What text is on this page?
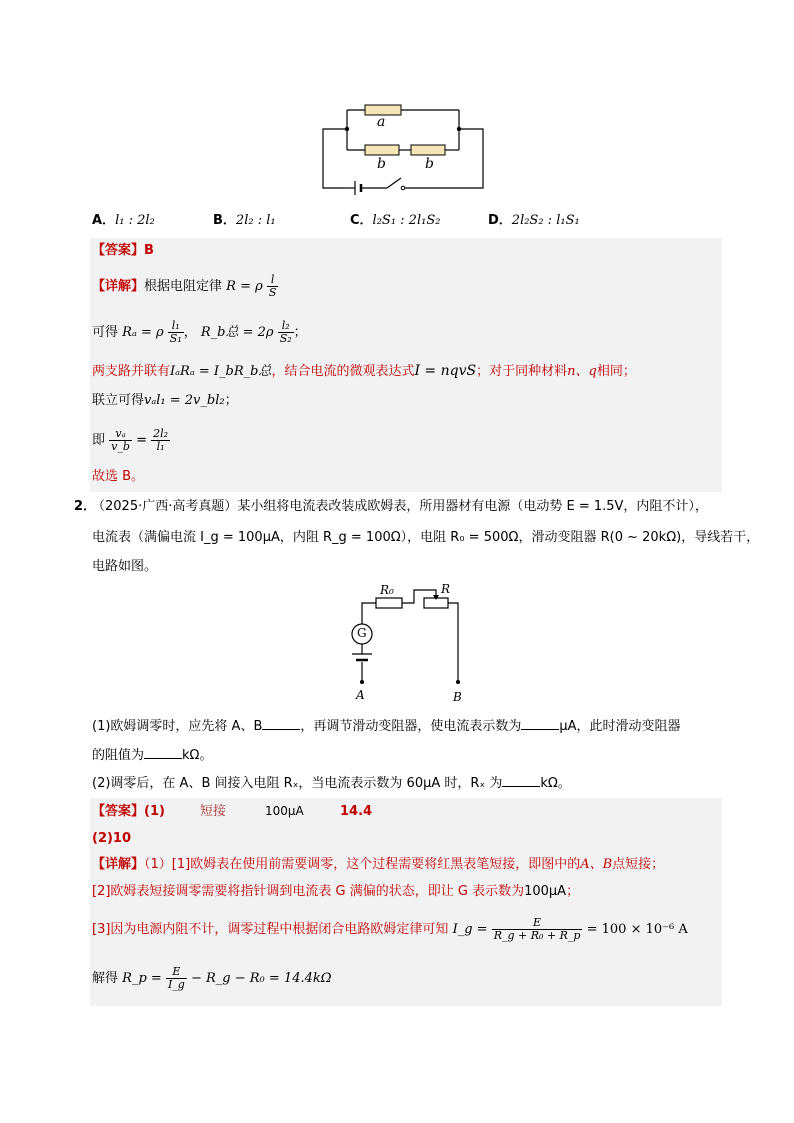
a
b	b
A．l₁ : 2l₂	B．2l₂ : l₁	C．l₂S₁ : 2l₁S₂	D．2l₂S₂ : l₁S₁
【答案】B
【详解】根据电阻定律 R = ρ $\frac{l}{S}$
可得 Rₐ = ρ $\frac{\text{l₁}}{\text{S₁}}$ ， R_b总 = $2\rho \frac{\text{l₂}}{\text{S₂}}$ ；
两支路并联有IₐRₐ = I_bR_b总，结合电流的微观表达式I = nqvS；对于同种材料n、q相同；
联立可得vₐl₁ = 2v_bl₂；
即 $\frac{\text{vₐ}}{v\_b} = \frac{\text{2l₂}}{\text{l₁}}$
故选 B。
2．
（2025·广西·高考真题）某小组将电流表改装成欧姆表，所用器材有电源（电动势 E = 1.5V，内阻不计），
电流表（满偏电流 I_g = 100μA，内阻 R_g = 100Ω），电阻 R₀ = 500Ω，滑动变阻器 R(0 ~ 20kΩ)，导线若干，
电路如图。
R₀	R
G
A	B
(1)欧姆调零时，应先将 A、B	，再调节滑动变阻器，使电流表示数为	μA，此时滑动变阻器
的阻值为	kΩ。
(2)调零后，在 A、B 间接入电阻 Rₓ，当电流表示数为 60μA 时，Rₓ 为	kΩ。
【答案】(1)	短接	100μA	14.4
(2)10
【详解】（1）[1]欧姆表在使用前需要调零，这个过程需要将红黑表笔短接，即图中的A、B点短接；
[2]欧姆表短接调零需要将指针调到电流表 G 满偏的状态，即让 G 表示数为100μA；
[3]因为电源内阻不计，调零过程中根据闭合电路欧姆定律可知 I_g = $\frac{E}{\text{R\_g + R₀ + R\_p}} = 100 \times 10^{-6}$ A
解得 R_p = $\frac{E}{I\_g}$ − R_g − R₀ = 14.4kΩ
